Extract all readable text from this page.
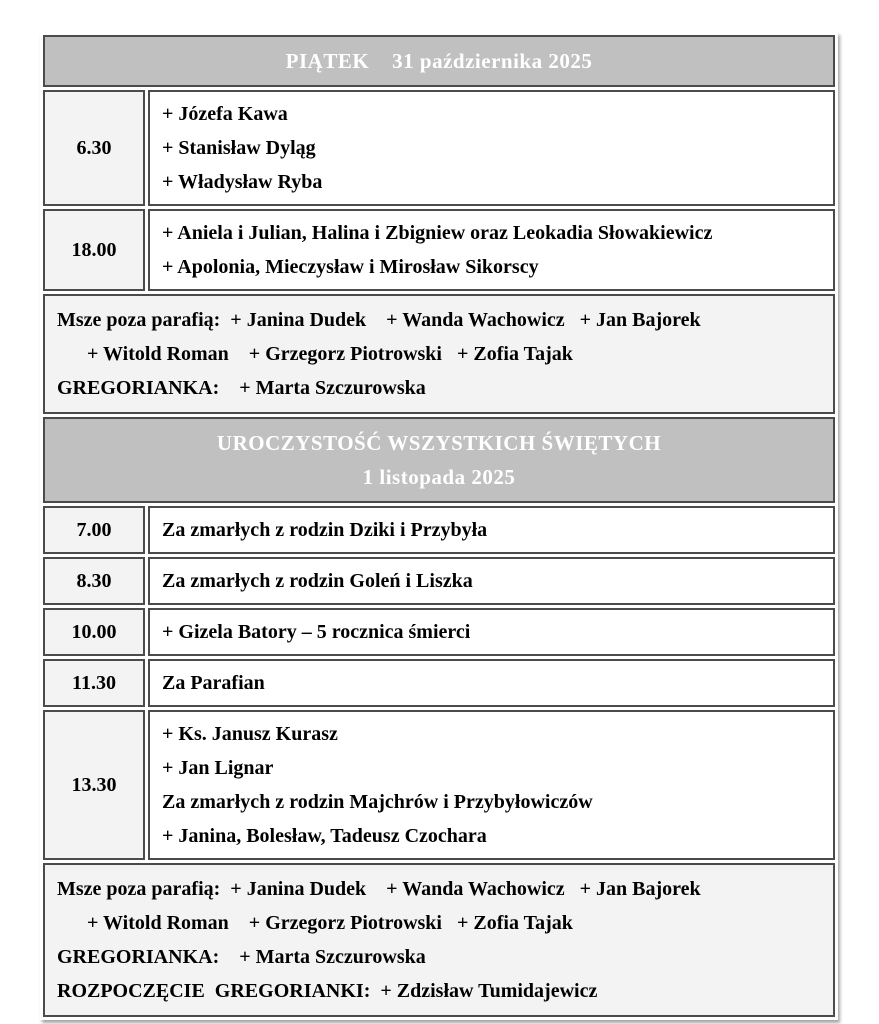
PIĄTEK    31 października 2025	

6.30	+ Józefa Kawa
+ Stanisław Dyląg
+ Władysław Ryba

18.00	+ Aniela i Julian, Halina i Zbigniew oraz Leokadia Słowakiewicz
+ Apolonia, Mieczysław i Mirosław Sikorscy

Msze poza parafią:  + Janina Dudek    + Wanda Wachowicz   + Jan Bajorek
+ Witold Roman    + Grzegorz Piotrowski   + Zofia Tajak
GREGORIANKA:    + Marta Szczurowska	

UROCZYSTOŚĆ WSZYSTKICH ŚWIĘTYCH
1 listopada 2025	

7.00	Za zmarłych z rodzin Dziki i Przybyła

8.30	Za zmarłych z rodzin Goleń i Liszka

10.00	+ Gizela Batory – 5 rocznica śmierci

11.30	Za Parafian

13.30	+ Ks. Janusz Kurasz
+ Jan Lignar
Za zmarłych z rodzin Majchrów i Przybyłowiczów
+ Janina, Bolesław, Tadeusz Czochara

Msze poza parafią:  + Janina Dudek    + Wanda Wachowicz   + Jan Bajorek
+ Witold Roman    + Grzegorz Piotrowski   + Zofia Tajak
GREGORIANKA:    + Marta Szczurowska
ROZPOCZĘCIE  GREGORIANKI:  + Zdzisław Tumidajewicz	
